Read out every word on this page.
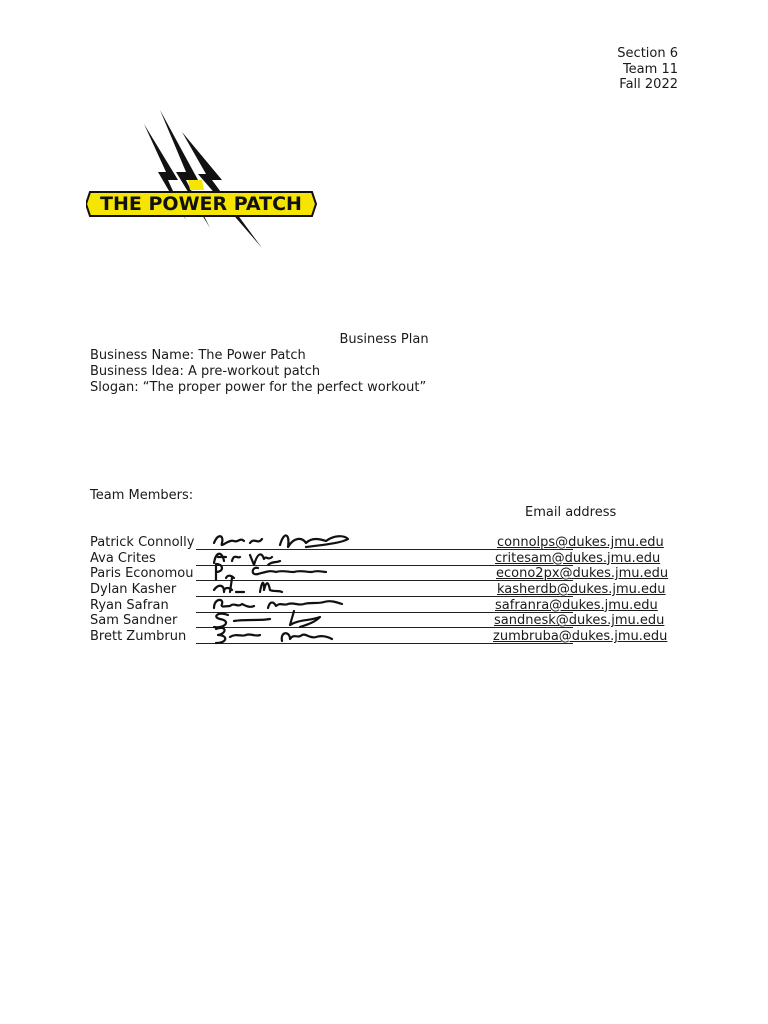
Section 6
Team 11
Fall 2022
THE POWER PATCH
Business Plan
Business Name: The Power Patch
Business Idea: A pre-workout patch
Slogan: “The proper power for the perfect workout”
Team Members:
Email address
Patrick Connolly	connolps@dukes.jmu.edu
Ava Crites	critesam@dukes.jmu.edu
Paris Economou	econo2px@dukes.jmu.edu
Dylan Kasher	kasherdb@dukes.jmu.edu
Ryan Safran	safranra@dukes.jmu.edu
Sam Sandner	sandnesk@dukes.jmu.edu
Brett Zumbrun	zumbruba@dukes.jmu.edu
